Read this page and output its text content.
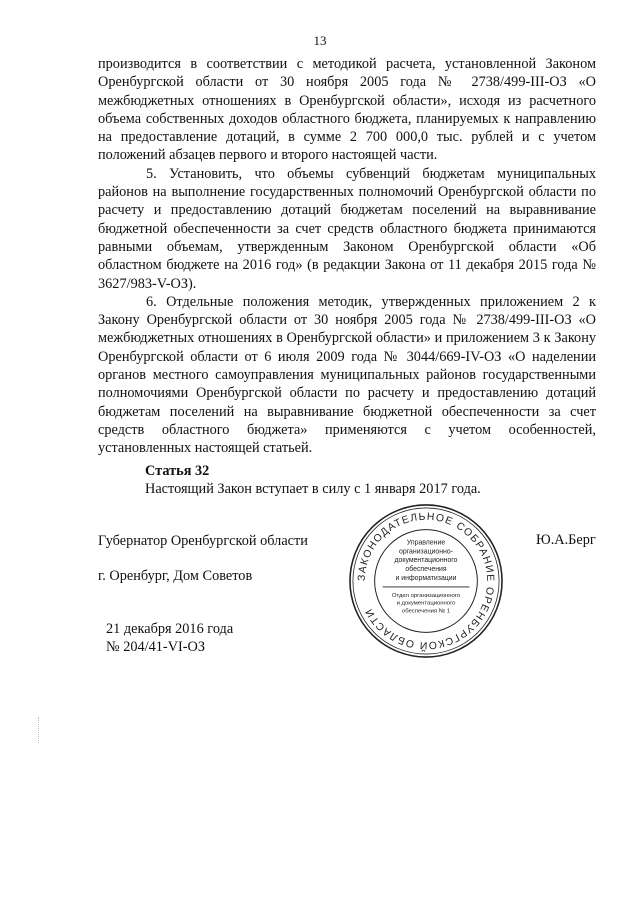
13

производится в соответствии с методикой расчета, установленной Законом Оренбургской области от 30 ноября 2005 года № 2738/499-III-ОЗ «О межбюджетных отношениях в Оренбургской области», исходя из расчетного объема собственных доходов областного бюджета, планируемых к направлению на предоставление дотаций, в сумме 2 700 000,0 тыс. рублей и с учетом положений абзацев первого и второго настоящей части.

5. Установить, что объемы субвенций бюджетам муниципальных районов на выполнение государственных полномочий Оренбургской области по расчету и предоставлению дотаций бюджетам поселений на выравнивание бюджетной обеспеченности за счет средств областного бюджета принимаются равными объемам, утвержденным Законом Оренбургской области «Об областном бюджете на 2016 год» (в редакции Закона от 11 декабря 2015 года № 3627/983-V-ОЗ).

6. Отдельные положения методик, утвержденных приложением 2 к Закону Оренбургской области от 30 ноября 2005 года № 2738/499-III-ОЗ «О межбюджетных отношениях в Оренбургской области» и приложением 3 к Закону Оренбургской области от 6 июля 2009 года № 3044/669-IV-ОЗ «О наделении органов местного самоуправления муниципальных районов государственными полномочиями Оренбургской области по расчету и предоставлению дотаций бюджетам поселений на выравнивание бюджетной обеспеченности за счет средств областного бюджета» применяются с учетом особенностей, установленных настоящей статьей.

Статья 32
Настоящий Закон вступает в силу с 1 января 2017 года.
Губернатор Оренбургской области
г. Оренбург, Дом Советов
Ю.А.Берг
21 декабря 2016 года
№ 204/41-VI-ОЗ
ЗАКОНОДАТЕЛЬНОЕ СОБРАНИЕ ОРЕНБУРГСКОЙ ОБЛАСТИ
Управление
организационно-
документационного
обеспечения
и информатизации
Отдел организационного
и документационного
обеспечения № 1
